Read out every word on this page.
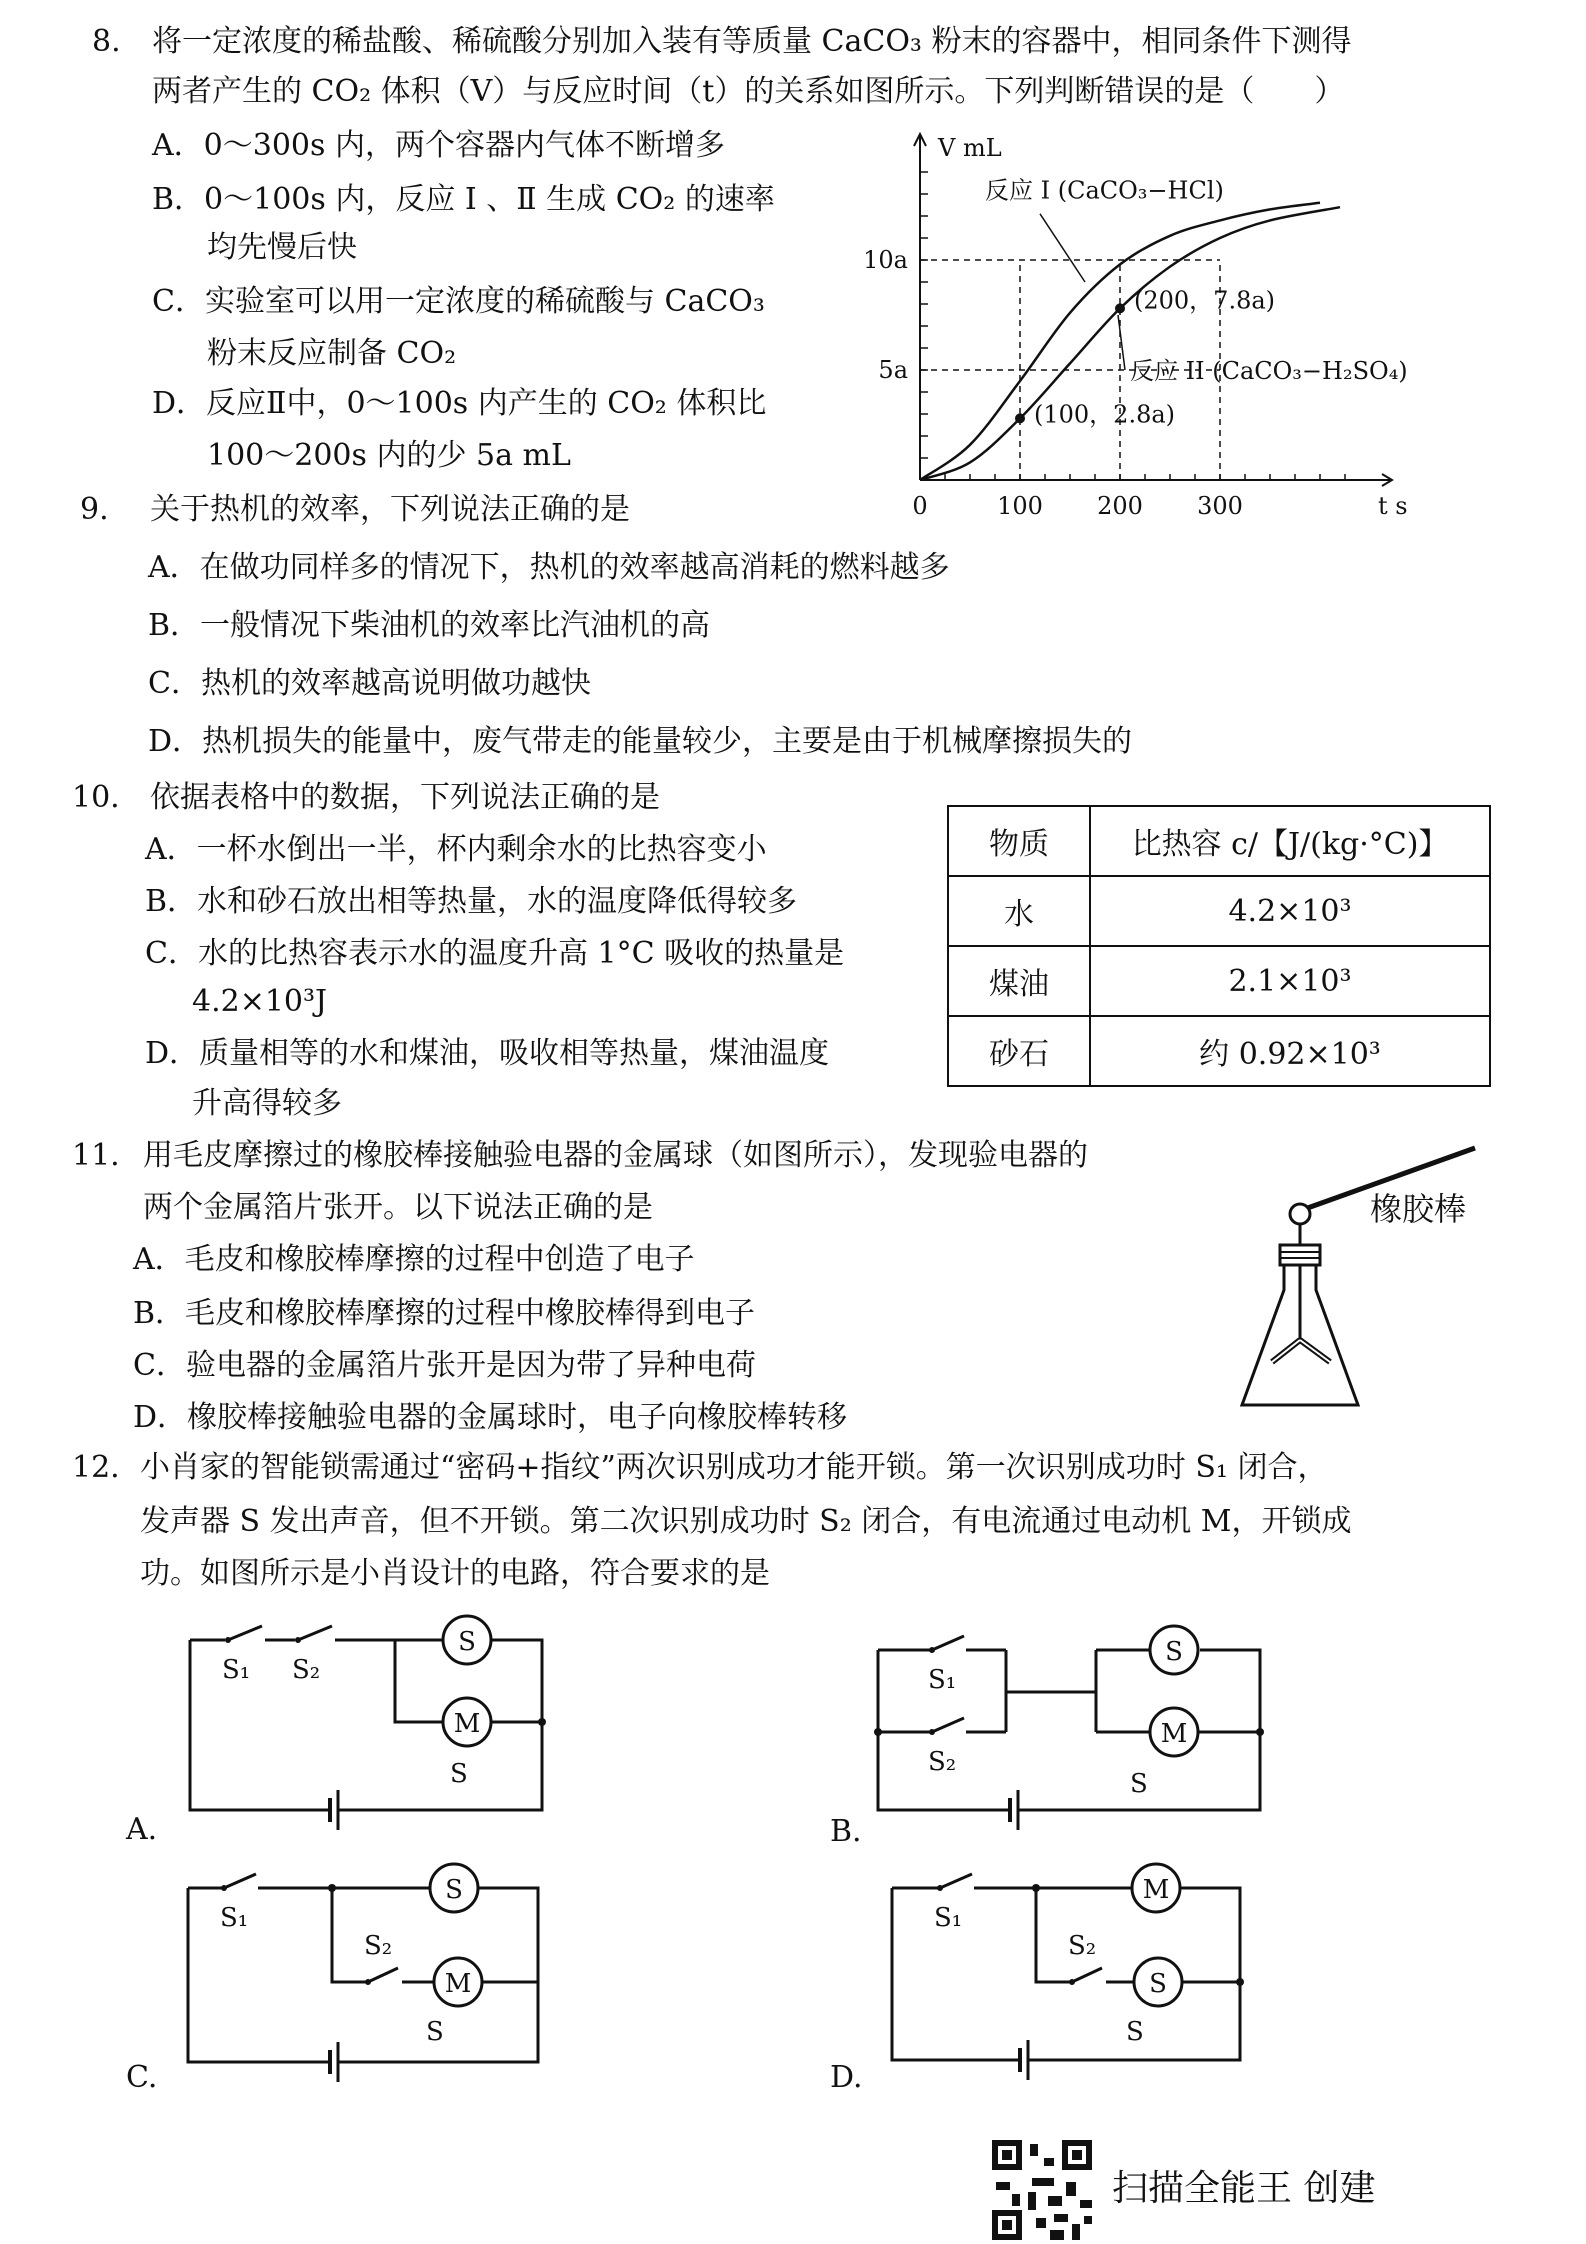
8. 将一定浓度的稀盐酸、稀硫酸分别加入装有等质量 CaCO₃ 粉末的容器中，相同条件下测得
两者产生的 CO₂ 体积（V）与反应时间（t）的关系如图所示。下列判断错误的是（　　）
A．0～300s 内，两个容器内气体不断增多
B．0～100s 内，反应 Ⅰ 、Ⅱ 生成 CO₂ 的速率
均先慢后快
C．实验室可以用一定浓度的稀硫酸与 CaCO₃
粉末反应制备 CO₂
D．反应Ⅱ中，0～100s 内产生的 CO₂ 体积比
100～200s 内的少 5a mL
5a
10a
0	100 200 300
V mL
t s
反应 I (CaCO₃−HCl)
反应 II (CaCO₃−H₂SO₄)
(200，7.8a)
(100，2.8a)
9. 关于热机的效率，下列说法正确的是
A．在做功同样多的情况下，热机的效率越高消耗的燃料越多
B．一般情况下柴油机的效率比汽油机的高
C．热机的效率越高说明做功越快
D．热机损失的能量中，废气带走的能量较少，主要是由于机械摩擦损失的
10. 依据表格中的数据，下列说法正确的是
A．一杯水倒出一半，杯内剩余水的比热容变小
B．水和砂石放出相等热量，水的温度降低得较多
C．水的比热容表示水的温度升高 1°C 吸收的热量是
4.2×10³J
D．质量相等的水和煤油，吸收相等热量，煤油温度
升高得较多
物质	比热容 c/【J/(kg·°C)】
水	4.2×10³
煤油	2.1×10³
砂石	约 0.92×10³
11. 用毛皮摩擦过的橡胶棒接触验电器的金属球（如图所示），发现验电器的
两个金属箔片张开。以下说法正确的是
A．毛皮和橡胶棒摩擦的过程中创造了电子
B．毛皮和橡胶棒摩擦的过程中橡胶棒得到电子
C．验电器的金属箔片张开是因为带了异种电荷
D．橡胶棒接触验电器的金属球时，电子向橡胶棒转移
橡胶棒
12. 小肖家的智能锁需通过“密码+指纹”两次识别成功才能开锁。第一次识别成功时 S₁ 闭合，
发声器 S 发出声音，但不开锁。第二次识别成功时 S₂ 闭合，有电流通过电动机 M，开锁成
功。如图所示是小肖设计的电路，符合要求的是
S
M
S₁ S₂
S
A.
S
M
S₁
S₂
S
B.
S
M
S₁
S₂
S
C.
M
S
S₁
S₂
S
D.
扫描全能王 创建
